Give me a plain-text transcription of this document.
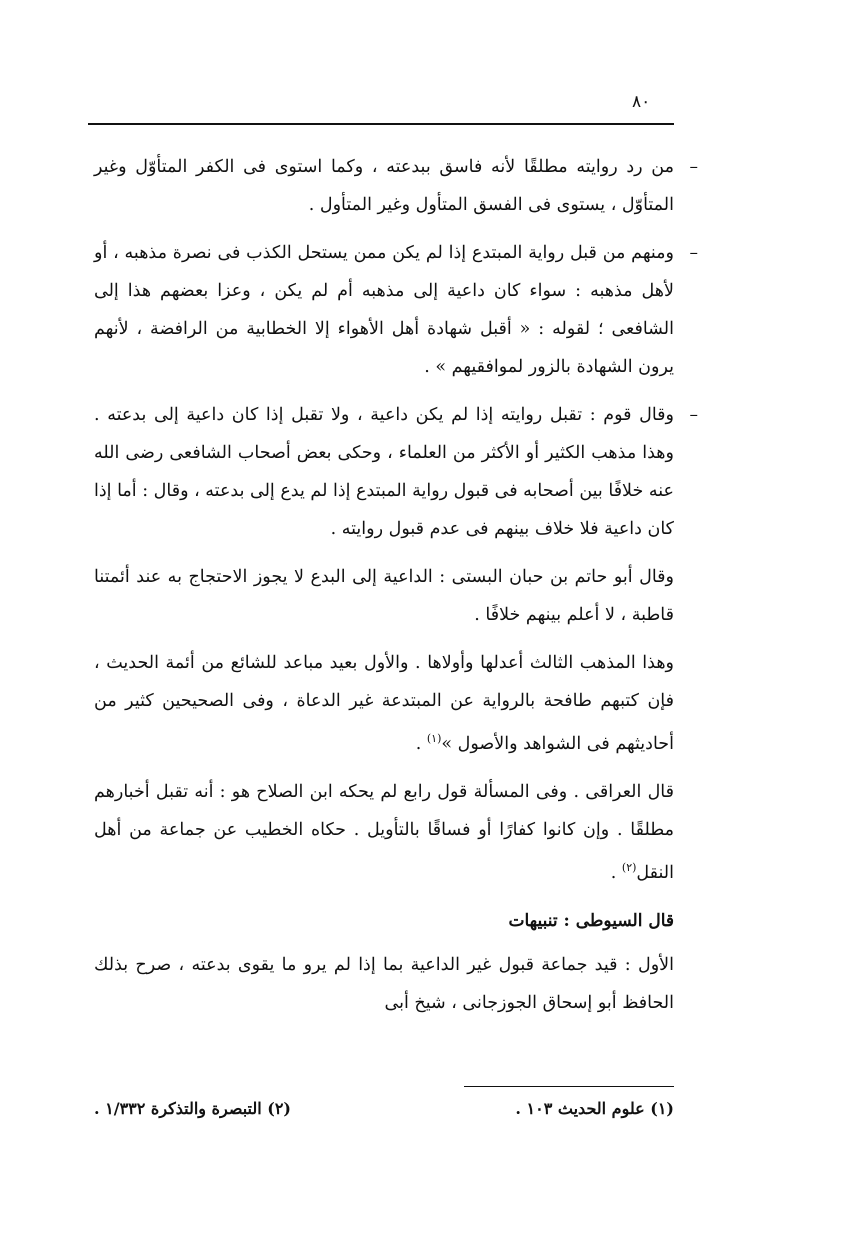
٨٠

–
من رد روايته مطلقًا لأنه فاسق ببدعته ، وكما استوى فى الكفر المتأوّل وغير المتأوّل ، يستوى فى الفسق المتأول وغير المتأول .

–
ومنهم من قبل رواية المبتدع إذا لم يكن ممن يستحل الكذب فى نصرة مذهبه ، أو لأهل مذهبه : سواء كان داعية إلى مذهبه أم لم يكن ، وعزا بعضهم هذا إلى الشافعى ؛ لقوله : « أقبل شهادة أهل الأهواء إلا الخطابية من الرافضة ، لأنهم يرون الشهادة بالزور لموافقيهم » .

–
وقال قوم : تقبل روايته إذا لم يكن داعية ، ولا تقبل إذا كان داعية إلى بدعته . وهذا مذهب الكثير أو الأكثر من العلماء ، وحكى بعض أصحاب الشافعى رضى الله عنه خلافًا بين أصحابه فى قبول رواية المبتدع إذا لم يدع إلى بدعته ، وقال : أما إذا كان داعية فلا خلاف بينهم فى عدم قبول روايته .

وقال أبو حاتم بن حبان البستى : الداعية إلى البدع لا يجوز الاحتجاج به عند أئمتنا قاطبة ، لا أعلم بينهم خلافًا .

وهذا المذهب الثالث أعدلها وأولاها . والأول بعيد مباعد للشائع من أئمة الحديث ، فإن كتبهم طافحة بالرواية عن المبتدعة غير الدعاة ، وفى الصحيحين كثير من أحاديثهم فى الشواهد والأصول »$^{(١)}$ .

قال العراقى . وفى المسألة قول رابع لم يحكه ابن الصلاح هو : أنه تقبل أخبارهم مطلقًا . وإن كانوا كفارًا أو فساقًا بالتأويل . حكاه الخطيب عن جماعة من أهل النقل$^{(٢)}$ .

قال السيوطى : تنبيهات

الأول : قيد جماعة قبول غير الداعية بما إذا لم يرو ما يقوى بدعته ، صرح بذلك الحافظ أبو إسحاق الجوزجانى ، شيخ أبى

(١) علوم الحديث ١٠٣ .
(٢) التبصرة والتذكرة ١/٣٣٢ .
